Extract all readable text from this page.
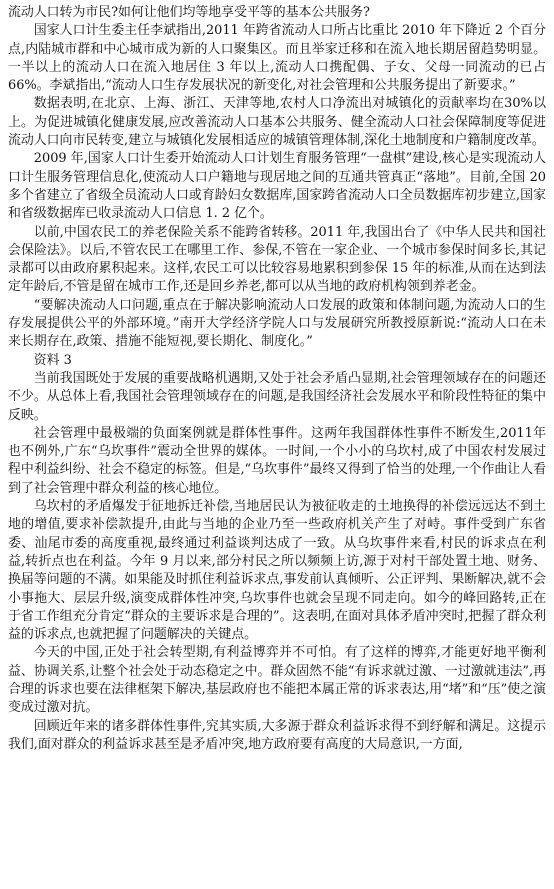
流动人口转为市民?如何让他们均等地享受平等的基本公共服务?

国家人口计生委主任李斌指出,2011 年跨省流动人口所占比重比 2010 年下降近 2 个百分点,内陆城市群和中心城市成为新的人口聚集区。而且举家迁移和在流入地长期居留趋势明显。一半以上的流动人口在流入地居住 3 年以上,流动人口携配偶、子女、父母一同流动的已占 66%。李斌指出,“流动人口生存发展状况的新变化,对社会管理和公共服务提出了新要求。”

数据表明,在北京、上海、浙江、天津等地,农村人口净流出对城镇化的贡献率均在30%以上。为促进城镇化健康发展,应改善流动人口基本公共服务、健全流动人口社会保障制度等促进流动人口向市民转变,建立与城镇化发展相适应的城镇管理体制,深化土地制度和户籍制度改革。

2009 年,国家人口计生委开始流动人口计划生育服务管理“一盘棋”建设,核心是实现流动人口计生服务管理信息化,使流动人口户籍地与现居地之间的互通共管真正“落地”。目前,全国 20 多个省建立了省级全员流动人口或育龄妇女数据库,国家跨省流动人口全员数据库初步建立,国家和省级数据库已收录流动人口信息 1. 2 亿个。

以前,中国农民工的养老保险关系不能跨省转移。2011 年,我国出台了《中华人民共和国社会保险法》。以后,不管农民工在哪里工作、参保,不管在一家企业、一个城市参保时间多长,其记录都可以由政府累积起来。这样,农民工可以比较容易地累积到参保 15 年的标准,从而在达到法定年龄后,不管是留在城市工作,还是回乡养老,都可以从当地的政府机构领到养老金。

“要解决流动人口问题,重点在于解决影响流动人口发展的政策和体制问题,为流动人口的生存发展提供公平的外部环境。”南开大学经济学院人口与发展研究所教授原新说:“流动人口在未来长期存在,政策、措施不能短视,要长期化、制度化。”

资料 3

当前我国既处于发展的重要战略机遇期,又处于社会矛盾凸显期,社会管理领域存在的问题还不少。从总体上看,我国社会管理领域存在的问题,是我国经济社会发展水平和阶段性特征的集中反映。

社会管理中最极端的负面案例就是群体性事件。这两年我国群体性事件不断发生,2011年也不例外,广东“乌坎事件”震动全世界的媒体。一时间,一个小小的乌坎村,成了中国农村发展过程中利益纠纷、社会不稳定的标签。但是,“乌坎事件”最终又得到了恰当的处理,一个作曲让人看到了社会管理中群众利益的核心地位。

乌坎村的矛盾爆发于征地拆迁补偿,当地居民认为被征收走的土地换得的补偿远远达不到土地的增值,要求补偿款提升,由此与当地的企业乃至一些政府机关产生了对峙。事件受到广东省委、汕尾市委的高度重视,最终通过利益谈判达成了一致。从乌坎事件来看,村民的诉求点在利益,转折点也在利益。今年 9 月以来,部分村民之所以频频上访,源于对村干部处置土地、财务、换届等问题的不满。如果能及时抓住利益诉求点,事发前认真倾听、公正评判、果断解决,就不会小事拖大、层层升级,演变成群体性冲突,乌坎事件也就会呈现不同走向。如今的峰回路转,正在于省工作组充分肯定“群众的主要诉求是合理的”。这表明,在面对具体矛盾冲突时,把握了群众利益的诉求点,也就把握了问题解决的关键点。

今天的中国,正处于社会转型期,有利益博弈并不可怕。有了这样的博弈,才能更好地平衡利益、协调关系,让整个社会处于动态稳定之中。群众固然不能“有诉求就过激、一过激就违法”,再合理的诉求也要在法律框架下解决,基层政府也不能把本属正常的诉求表达,用“堵”和“压”使之演变成过激对抗。

回顾近年来的诸多群体性事件,究其实质,大多源于群众利益诉求得不到纾解和满足。这提示我们,面对群众的利益诉求甚至是矛盾冲突,地方政府要有高度的大局意识,一方面,
